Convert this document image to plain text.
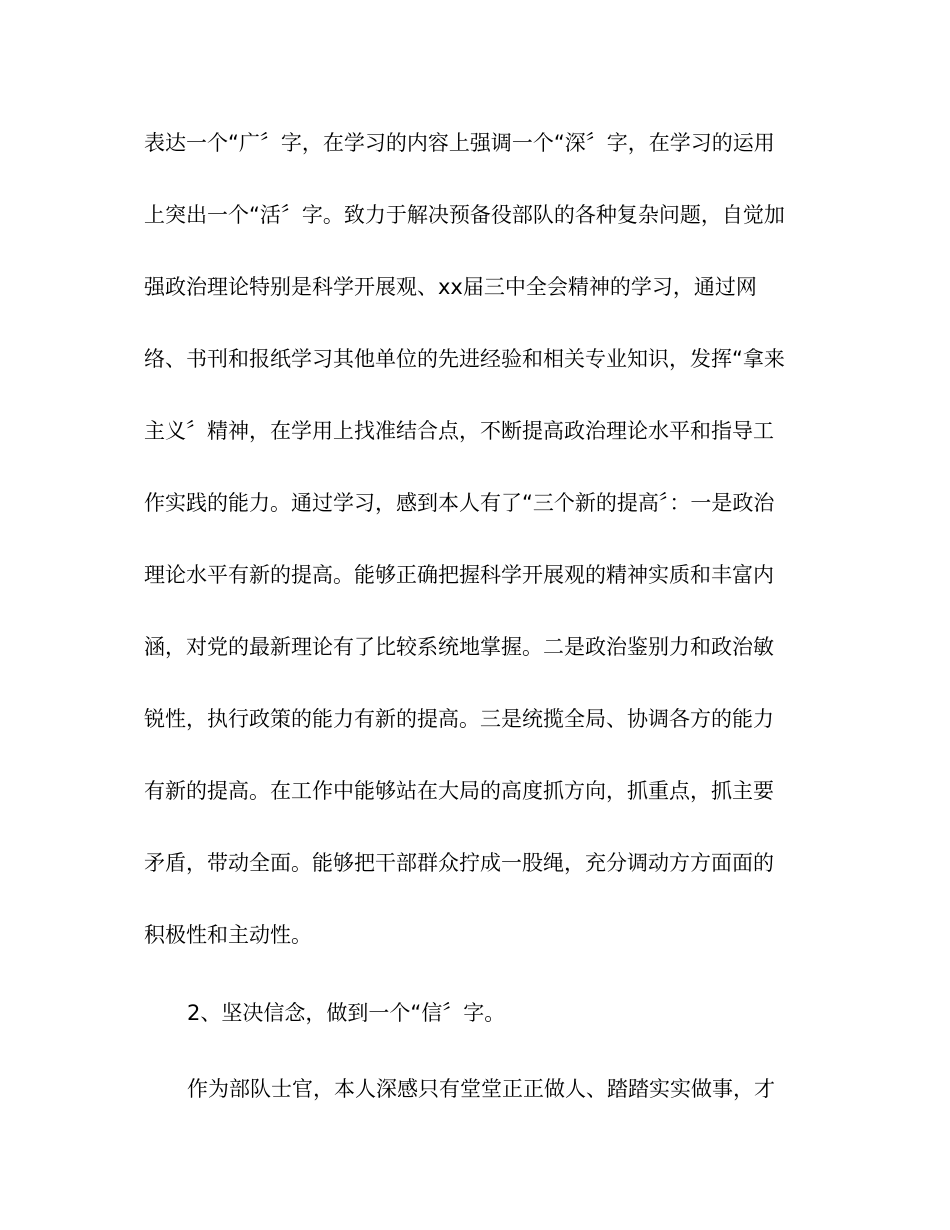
表达一个“广〞字，在学习的内容上强调一个“深〞字，在学习的运用
上突出一个“活〞字。致力于解决预备役部队的各种复杂问题，自觉加
强政治理论特别是科学开展观、xx届三中全会精神的学习，通过网
络、书刊和报纸学习其他单位的先进经验和相关专业知识，发挥“拿来
主义〞精神，在学用上找准结合点，不断提高政治理论水平和指导工
作实践的能力。通过学习，感到本人有了“三个新的提高〞：一是政治
理论水平有新的提高。能够正确把握科学开展观的精神实质和丰富内
涵，对党的最新理论有了比较系统地掌握。二是政治鉴别力和政治敏
锐性，执行政策的能力有新的提高。三是统揽全局、协调各方的能力
有新的提高。在工作中能够站在大局的高度抓方向，抓重点，抓主要
矛盾，带动全面。能够把干部群众拧成一股绳，充分调动方方面面的
积极性和主动性。
2、坚决信念，做到一个“信〞字。
作为部队士官，本人深感只有堂堂正正做人、踏踏实实做事，才
